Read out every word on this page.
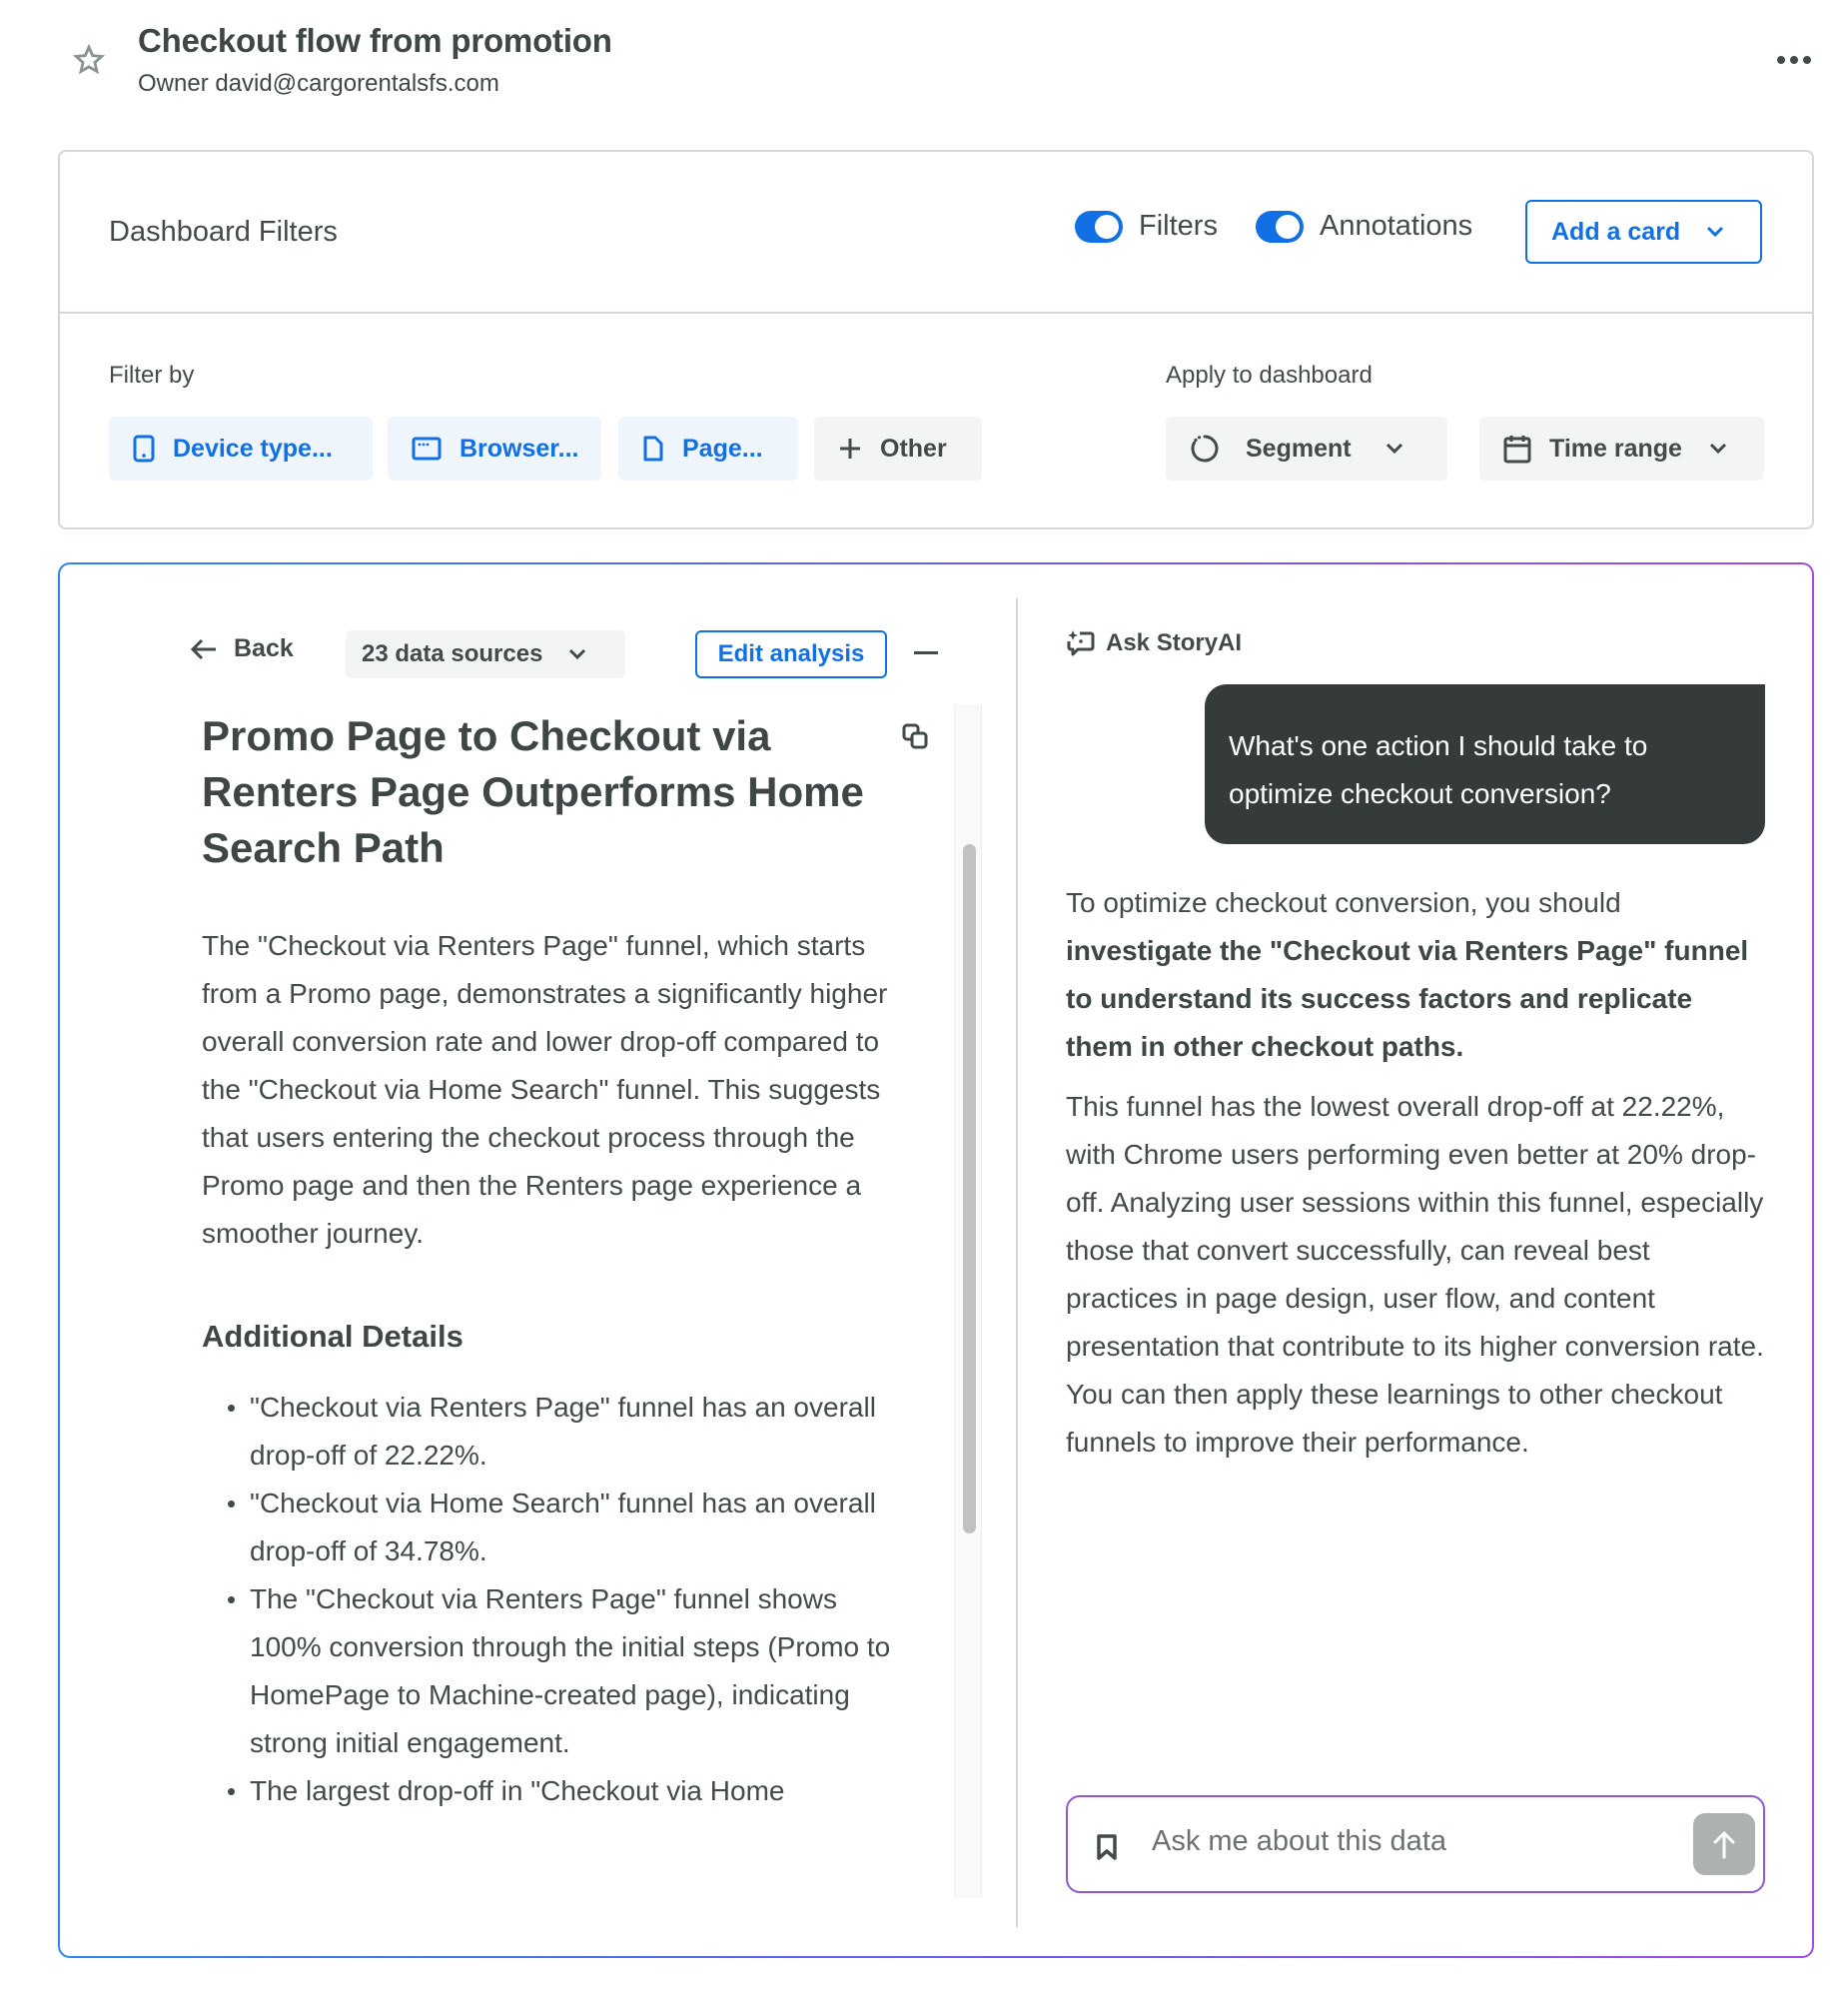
Checkout flow from promotion
Owner david@cargorentalsfs.com
Dashboard Filters	Filters	Annotations	Add a card
Filter by	Apply to dashboard
Device type...	Browser...	Page...	Other	Segment	Time range
Back	23 data sources	Edit analysis
Promo Page to Checkout via Renters Page Outperforms Home Search Path
The "Checkout via Renters Page" funnel, which starts from a Promo page, demonstrates a significantly higher overall conversion rate and lower drop-off compared to the "Checkout via Home Search" funnel. This suggests that users entering the checkout process through the Promo page and then the Renters page experience a smoother journey.
Additional Details
"Checkout via Renters Page" funnel has an overall drop-off of 22.22%.
"Checkout via Home Search" funnel has an overall drop-off of 34.78%.
The "Checkout via Renters Page" funnel shows 100% conversion through the initial steps (Promo to HomePage to Machine-created page), indicating strong initial engagement.
The largest drop-off in "Checkout via Home
Ask StoryAI
What's one action I should take to optimize checkout conversion?

To optimize checkout conversion, you should investigate the "Checkout via Renters Page" funnel to understand its success factors and replicate them in other checkout paths.

This funnel has the lowest overall drop-off at 22.22%, with Chrome users performing even better at 20% drop-off. Analyzing user sessions within this funnel, especially those that convert successfully, can reveal best practices in page design, user flow, and content presentation that contribute to its higher conversion rate. You can then apply these learnings to other checkout funnels to improve their performance.

Ask me about this data
